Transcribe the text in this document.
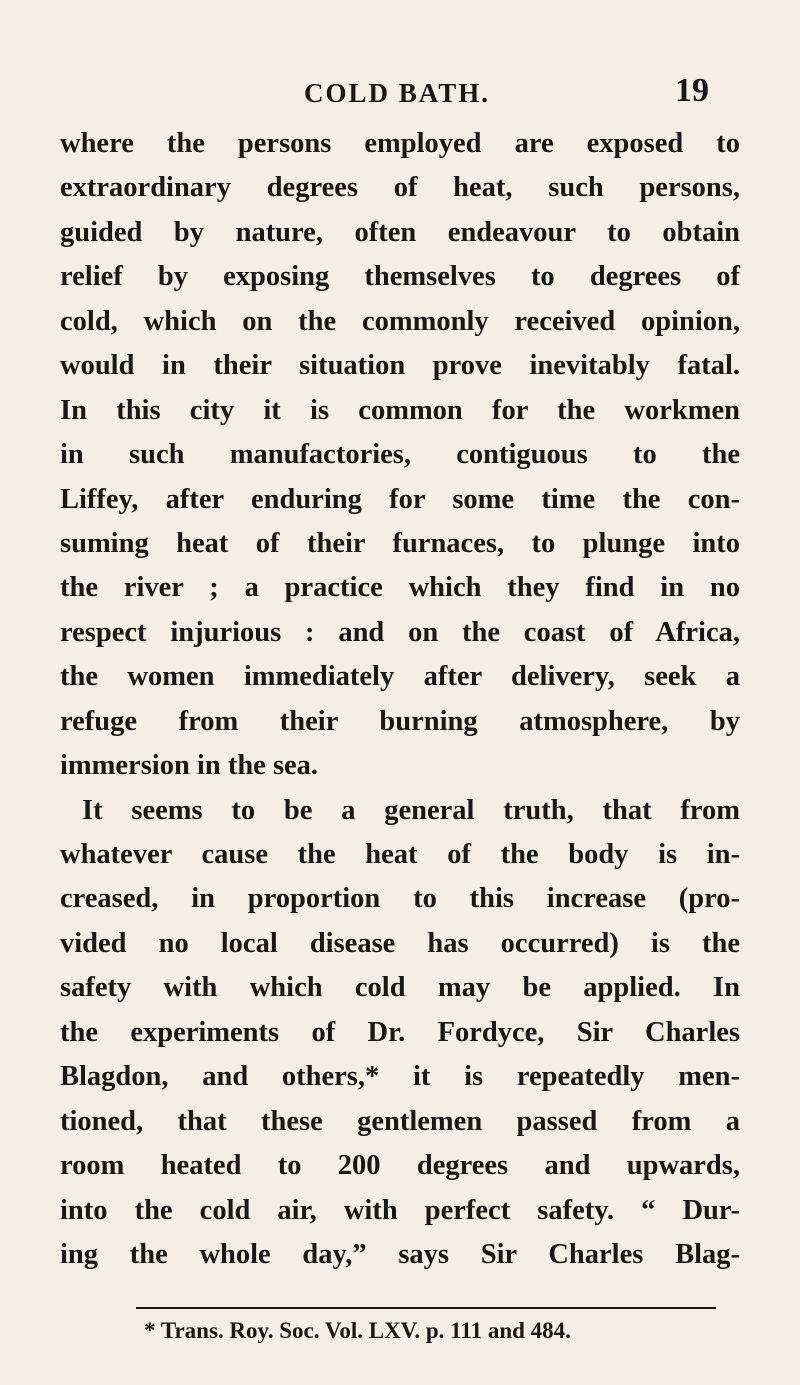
COLD BATH.	19
where the persons employed are exposed to
extraordinary degrees of heat, such persons,
guided by nature, often endeavour to obtain
relief by exposing themselves to degrees of
cold, which on the commonly received opinion,
would in their situation prove inevitably fatal.
In this city it is common for the workmen
in such manufactories, contiguous to the
Liffey, after enduring for some time the con-
suming heat of their furnaces, to plunge into
the river ; a practice which they find in no
respect injurious : and on the coast of Africa,
the women immediately after delivery, seek a
refuge from their burning atmosphere, by
immersion in the sea.
It seems to be a general truth, that from
whatever cause the heat of the body is in-
creased, in proportion to this increase (pro-
vided no local disease has occurred) is the
safety with which cold may be applied. In
the experiments of Dr. Fordyce, Sir Charles
Blagdon, and others,* it is repeatedly men-
tioned, that these gentlemen passed from a
room heated to 200 degrees and upwards,
into the cold air, with perfect safety. “ Dur-
ing the whole day,” says Sir Charles Blag-
* Trans. Roy. Soc. Vol. LXV. p. 111 and 484.
